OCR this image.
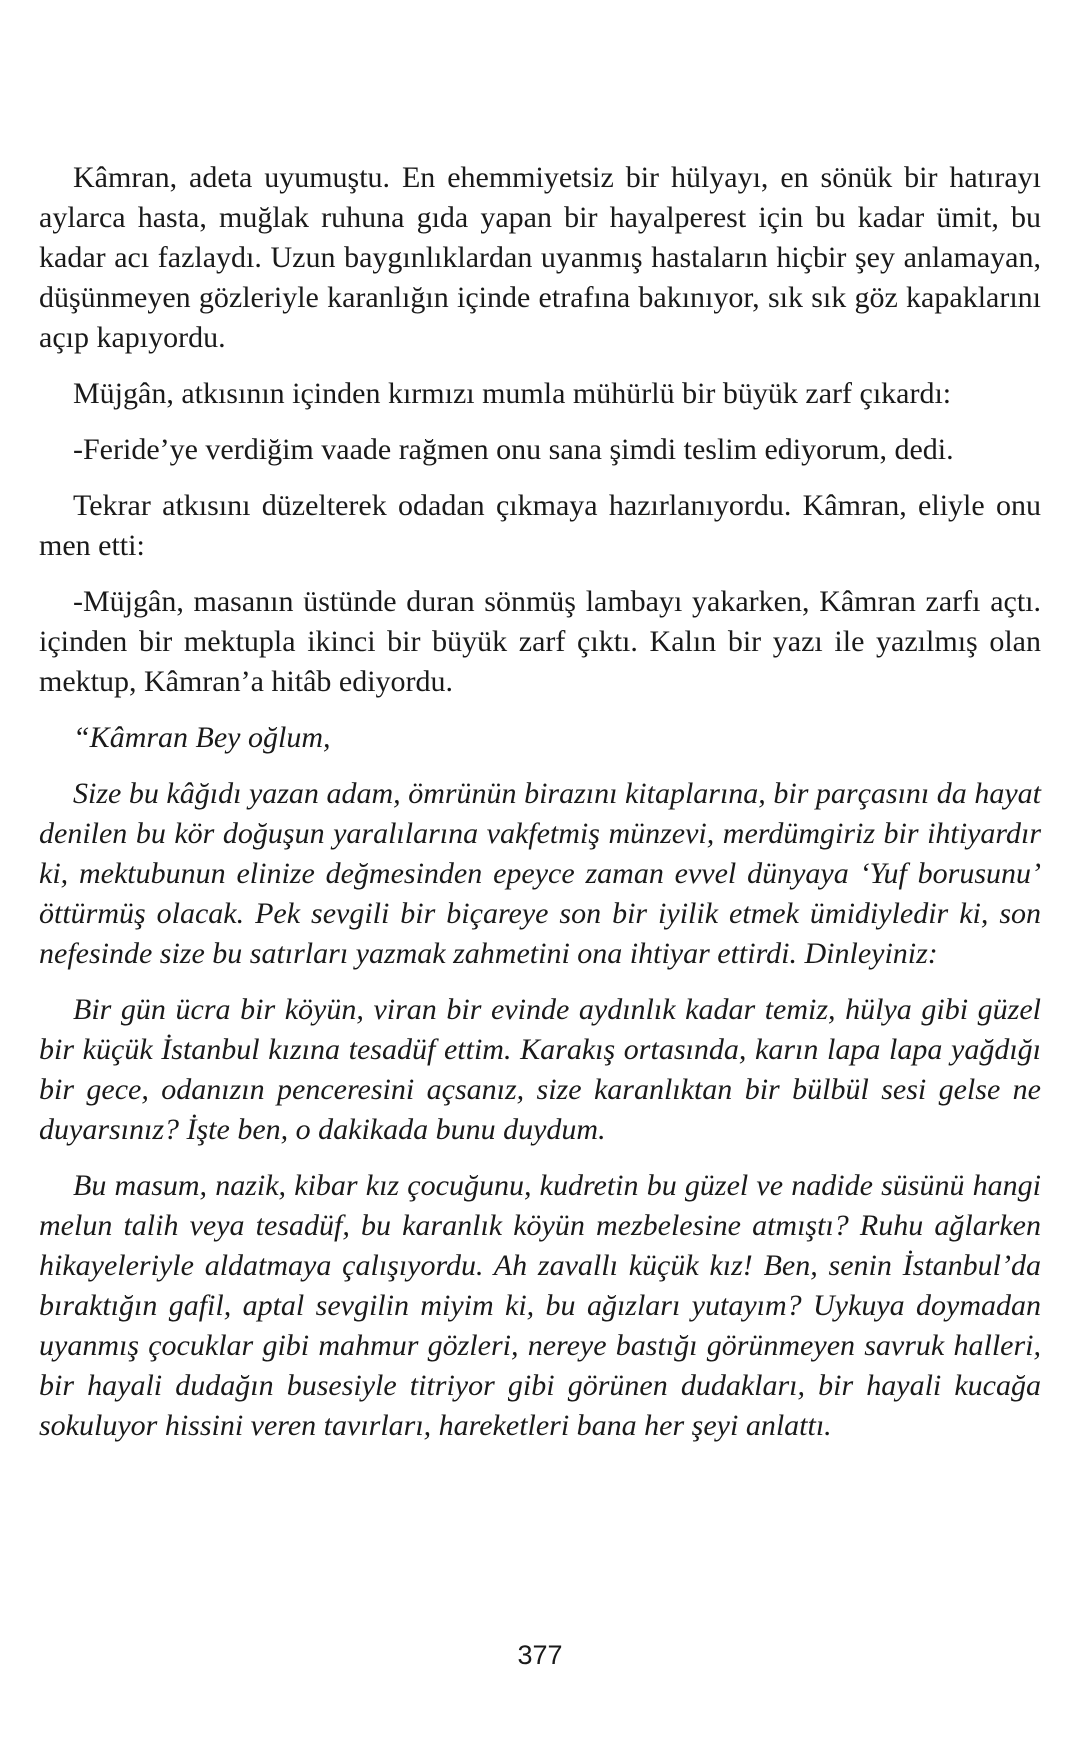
Kâmran, adeta uyumuştu. En ehemmiyetsiz bir hülyayı, en sönük bir hatırayı aylarca hasta, muğlak ruhuna gıda yapan bir hayalperest için bu kadar ümit, bu kadar acı fazlaydı. Uzun baygınlıklardan uyanmış hastaların hiçbir şey anlamayan, düşünmeyen gözleriyle karanlığın içinde etrafına bakınıyor, sık sık göz kapaklarını açıp kapıyordu.

Müjgân, atkısının içinden kırmızı mumla mühürlü bir büyük zarf çıkardı:

-Feride’ye verdiğim vaade rağmen onu sana şimdi teslim ediyorum, dedi.

Tekrar atkısını düzelterek odadan çıkmaya hazırlanıyordu. Kâmran, eliyle onu men etti:

-Müjgân, masanın üstünde duran sönmüş lambayı yakarken, Kâmran zarfı açtı. içinden bir mektupla ikinci bir büyük zarf çıktı. Kalın bir yazı ile yazılmış olan mektup, Kâmran’a hitâb ediyordu.

“Kâmran Bey oğlum,

Size bu kâğıdı yazan adam, ömrünün birazını kitaplarına, bir parçasını da hayat denilen bu kör doğuşun yaralılarına vakfetmiş münzevi, merdümgiriz bir ihtiyardır ki, mektubunun elinize değmesinden epeyce zaman evvel dünyaya ‘Yuf borusunu’ öttürmüş olacak. Pek sevgili bir biçareye son bir iyilik etmek ümidiyledir ki, son nefesinde size bu satırları yazmak zahmetini ona ihtiyar ettirdi. Dinleyiniz:

Bir gün ücra bir köyün, viran bir evinde aydınlık kadar temiz, hülya gibi güzel bir küçük İstanbul kızına tesadüf ettim. Karakış ortasında, karın lapa lapa yağdığı bir gece, odanızın penceresini açsanız, size karanlıktan bir bülbül sesi gelse ne duyarsınız? İşte ben, o dakikada bunu duydum.

Bu masum, nazik, kibar kız çocuğunu, kudretin bu güzel ve nadide süsünü hangi melun talih veya tesadüf, bu karanlık köyün mezbelesine atmıştı? Ruhu ağlarken hikayeleriyle aldatmaya çalışıyordu. Ah zavallı küçük kız! Ben, senin İstanbul’da bıraktığın gafil, aptal sevgilin miyim ki, bu ağızları yutayım? Uykuya doymadan uyanmış çocuklar gibi mahmur gözleri, nereye bastığı görünmeyen savruk halleri, bir hayali dudağın busesiyle titriyor gibi görünen dudakları, bir hayali kucağa sokuluyor hissini veren tavırları, hareketleri bana her şeyi anlattı.

377
